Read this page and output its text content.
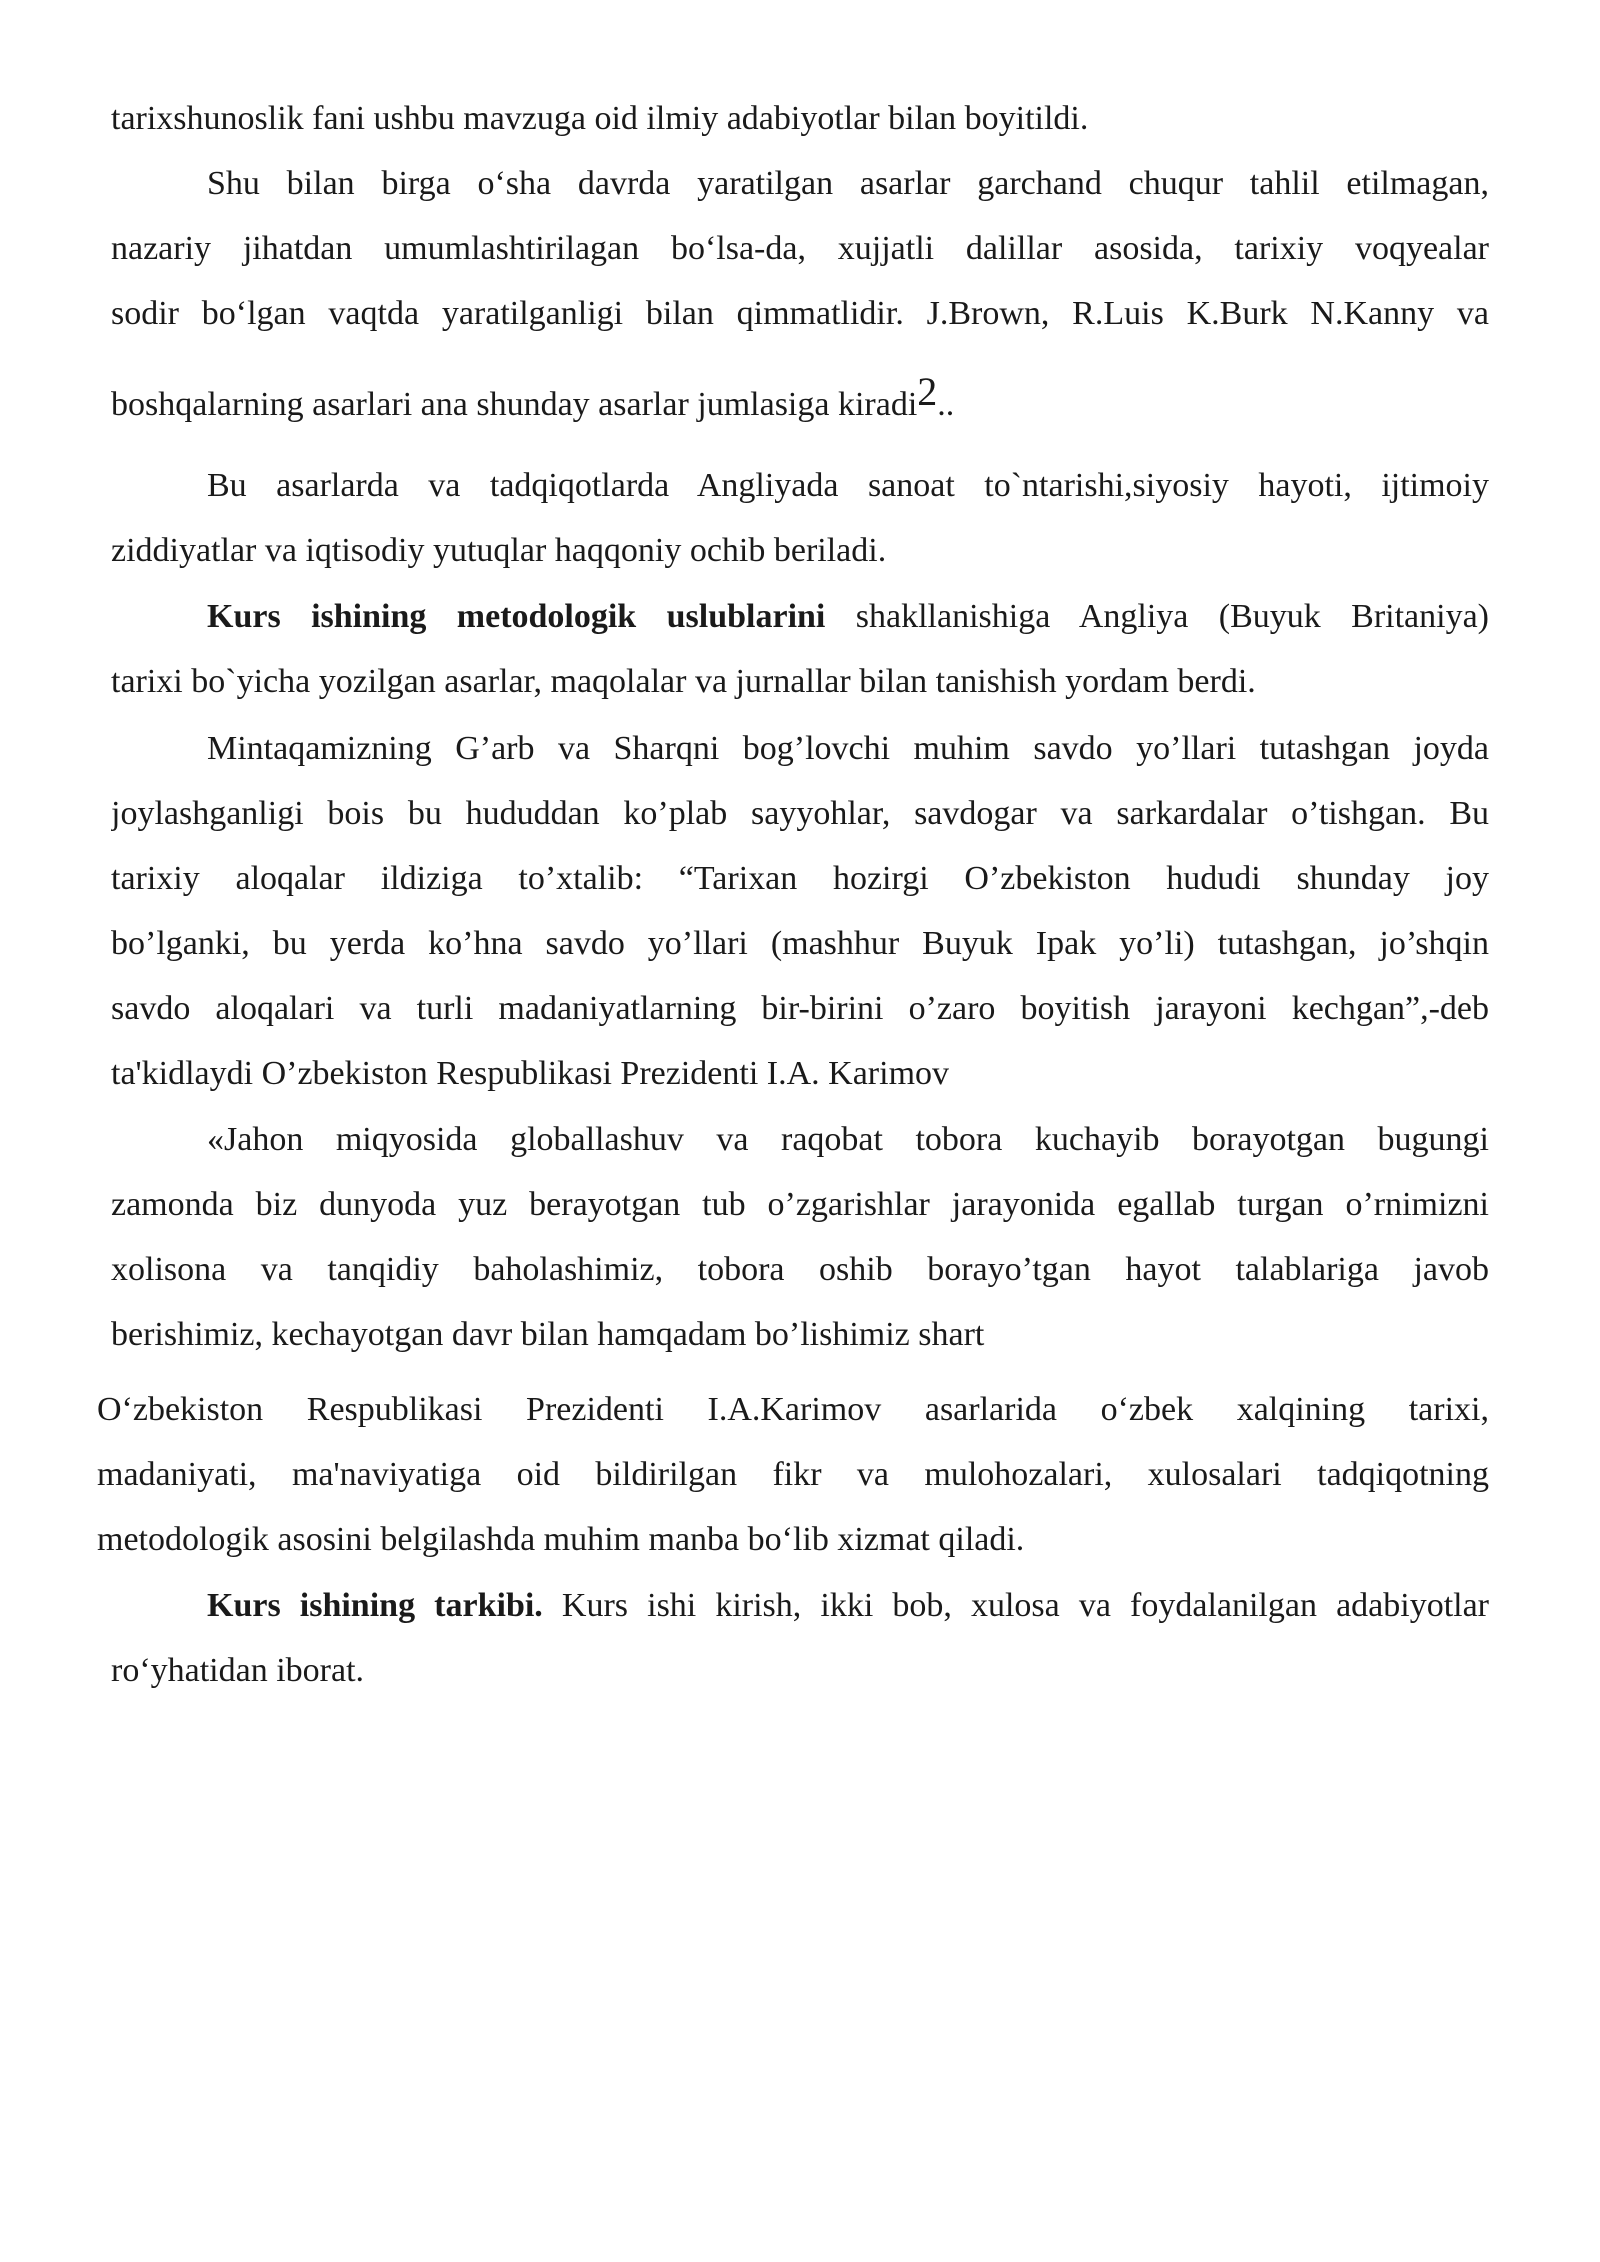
tarixshunoslik fani ushbu mavzuga oid ilmiy adabiyotlar bilan boyitildi.
Shu bilan birga o‘sha davrda yaratilgan asarlar garchand chuqur tahlil etilmagan,
nazariy jihatdan umumlashtirilagan bo‘lsa-da, xujjatli dalillar asosida, tarixiy voqyealar
sodir bo‘lgan vaqtda yaratilganligi bilan qimmatlidir. J.Brown, R.Luis K.Burk N.Kanny va
boshqalarning asarlari ana shunday asarlar jumlasiga kiradi$^2$..
Bu asarlarda va tadqiqotlarda Angliyada sanoat to`ntarishi,siyosiy hayoti, ijtimoiy
ziddiyatlar va iqtisodiy yutuqlar haqqoniy ochib beriladi.
Kurs ishining metodologik uslublarini shakllanishiga Angliya (Buyuk Britaniya)
tarixi bo`yicha yozilgan asarlar, maqolalar va jurnallar bilan tanishish yordam berdi.
Mintaqamizning G’arb va Sharqni bog’lovchi muhim savdo yo’llari tutashgan joyda
joylashganligi bois bu hududdan ko’plab sayyohlar, savdogar va sarkardalar o’tishgan. Bu
tarixiy aloqalar ildiziga to’xtalib: “Tarixan hozirgi O’zbekiston hududi shunday joy
bo’lganki, bu yerda ko’hna savdo yo’llari (mashhur Buyuk Ipak yo’li) tutashgan, jo’shqin
savdo aloqalari va turli madaniyatlarning bir-birini o’zaro boyitish jarayoni kechgan”,-deb
ta'kidlaydi O’zbekiston Respublikasi Prezidenti I.A. Karimov
«Jahon miqyosida globallashuv va raqobat tobora kuchayib borayotgan bugungi
zamonda biz dunyoda yuz berayotgan tub o’zgarishlar jarayonida egallab turgan o’rnimizni
xolisona va tanqidiy baholashimiz, tobora oshib borayo’tgan hayot talablariga javob
berishimiz, kechayotgan davr bilan hamqadam bo’lishimiz shart
O‘zbekiston Respublikasi Prezidenti I.A.Karimov asarlarida o‘zbek xalqining tarixi,
madaniyati, ma'naviyatiga oid bildirilgan fikr va mulohozalari, xulosalari tadqiqotning
metodologik asosini belgilashda muhim manba bo‘lib xizmat qiladi.
Kurs ishining tarkibi. Kurs ishi kirish, ikki bob, xulosa va foydalanilgan adabiyotlar
ro‘yhatidan iborat.
